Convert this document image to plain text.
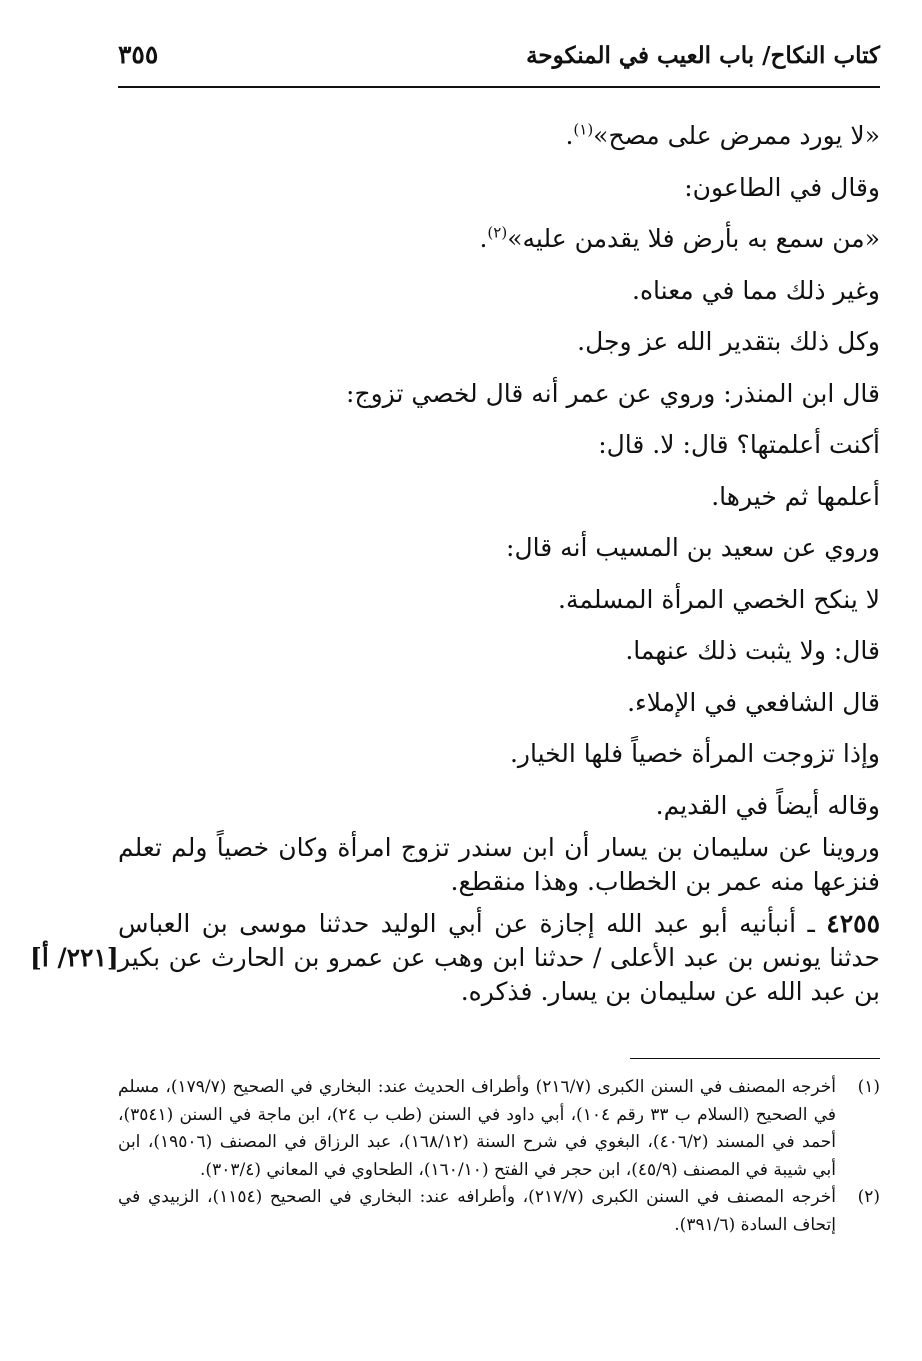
كتاب النكاح/ باب العيب في المنكوحة
٣٥٥
«لا يورد ممرض على مصح»$^{(١)}$.
وقال في الطاعون:
«من سمع به بأرض فلا يقدمن عليه»$^{(٢)}$.
وغير ذلك مما في معناه.
وكل ذلك بتقدير الله عز وجل.
قال ابن المنذر: وروي عن عمر أنه قال لخصي تزوج:
أكنت أعلمتها؟ قال: لا. قال:
أعلمها ثم خيرها.
وروي عن سعيد بن المسيب أنه قال:
لا ينكح الخصي المرأة المسلمة.
قال: ولا يثبت ذلك عنهما.
قال الشافعي في الإملاء.
وإذا تزوجت المرأة خصياً فلها الخيار.
وقاله أيضاً في القديم.
وروينا عن سليمان بن يسار أن ابن سندر تزوج امرأة وكان خصياً ولم تعلم فنزعها منه عمر بن الخطاب. وهذا منقطع.
[٢٢١/ أ]
٤٢٥٥ ـ أنبأنيه أبو عبد الله إجازة عن أبي الوليد حدثنا موسى بن العباس حدثنا يونس بن عبد الأعلى / حدثنا ابن وهب عن عمرو بن الحارث عن بكير بن عبد الله عن سليمان بن يسار. فذكره.
(١)
أخرجه المصنف في السنن الكبرى (٢١٦/٧) وأطراف الحديث عند: البخاري في الصحيح (١٧٩/٧)، مسلم في الصحيح (السلام ب ٣٣ رقم ١٠٤)، أبي داود في السنن (طب ب ٢٤)، ابن ماجة في السنن (٣٥٤١)، أحمد في المسند (٤٠٦/٢)، البغوي في شرح السنة (١٦٨/١٢)، عبد الرزاق في المصنف (١٩٥٠٦)، ابن أبي شيبة في المصنف (٤٥/٩)، ابن حجر في الفتح (١٦٠/١٠)، الطحاوي في المعاني (٣٠٣/٤).
(٢)
أخرجه المصنف في السنن الكبرى (٢١٧/٧)، وأطرافه عند: البخاري في الصحيح (١١٥٤)، الزبيدي في إتحاف السادة (٣٩١/٦).
